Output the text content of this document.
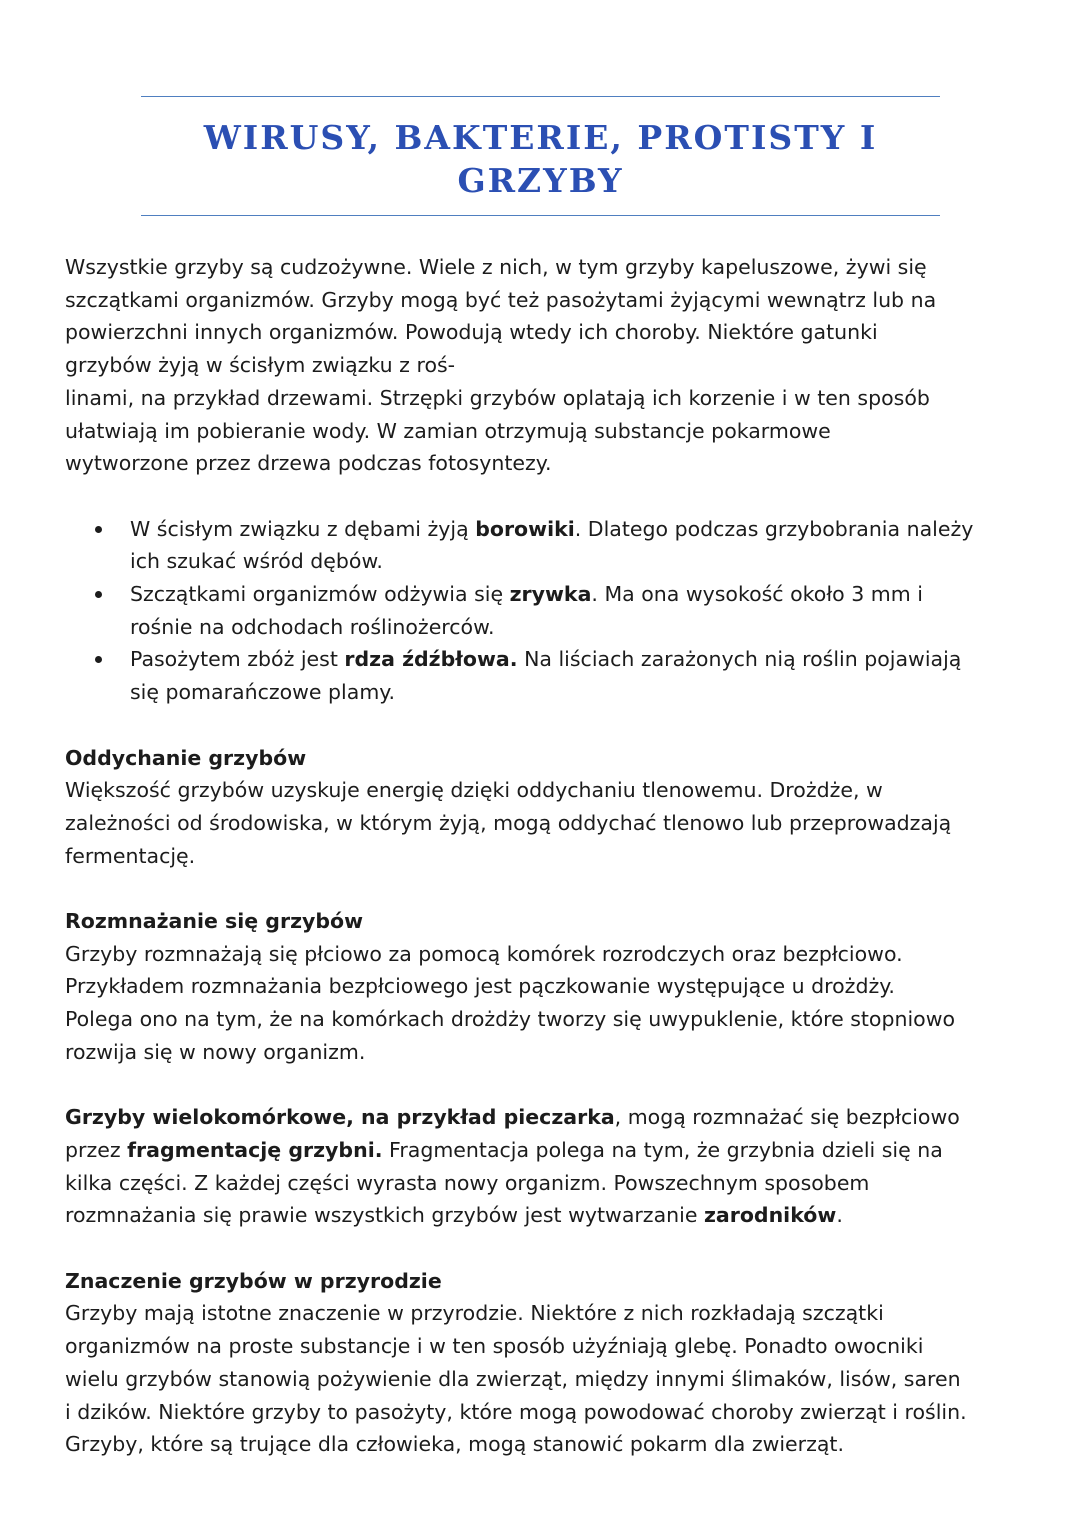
WIRUSY, BAKTERIE, PROTISTY I
GRZYBY

Wszystkie grzyby są cudzożywne. Wiele z nich, w tym grzyby kapeluszowe, żywi się
szczątkami organizmów. Grzyby mogą być też pasożytami żyjącymi wewnątrz lub na
powierzchni innych organizmów. Powodują wtedy ich choroby. Niektóre gatunki
grzybów żyją w ścisłym związku z roś-
linami, na przykład drzewami. Strzępki grzybów oplatają ich korzenie i w ten sposób
ułatwiają im pobieranie wody. W zamian otrzymują substancje pokarmowe
wytworzone przez drzewa podczas fotosyntezy.

W ścisłym związku z dębami żyją borowiki. Dlatego podczas grzybobrania należy
ich szukać wśród dębów.
Szczątkami organizmów odżywia się zrywka. Ma ona wysokość około 3 mm i
rośnie na odchodach roślinożerców.
Pasożytem zbóż jest rdza źdźbłowa. Na liściach zarażonych nią roślin pojawiają
się pomarańczowe plamy.

Oddychanie grzybów
Większość grzybów uzyskuje energię dzięki oddychaniu tlenowemu. Drożdże, w
zależności od środowiska, w którym żyją, mogą oddychać tlenowo lub przeprowadzają
fermentację.

Rozmnażanie się grzybów
Grzyby rozmnażają się płciowo za pomocą komórek rozrodczych oraz bezpłciowo.
Przykładem rozmnażania bezpłciowego jest pączkowanie występujące u drożdży.
Polega ono na tym, że na komórkach drożdży tworzy się uwypuklenie, które stopniowo
rozwija się w nowy organizm.

Grzyby wielokomórkowe, na przykład pieczarka, mogą rozmnażać się bezpłciowo
przez fragmentację grzybni. Fragmentacja polega na tym, że grzybnia dzieli się na
kilka części. Z każdej części wyrasta nowy organizm. Powszechnym sposobem
rozmnażania się prawie wszystkich grzybów jest wytwarzanie zarodników.

Znaczenie grzybów w przyrodzie
Grzyby mają istotne znaczenie w przyrodzie. Niektóre z nich rozkładają szczątki
organizmów na proste substancje i w ten sposób użyźniają glebę. Ponadto owocniki
wielu grzybów stanowią pożywienie dla zwierząt, między innymi ślimaków, lisów, saren
i dzików. Niektóre grzyby to pasożyty, które mogą powodować choroby zwierząt i roślin.
Grzyby, które są trujące dla człowieka, mogą stanowić pokarm dla zwierząt.
